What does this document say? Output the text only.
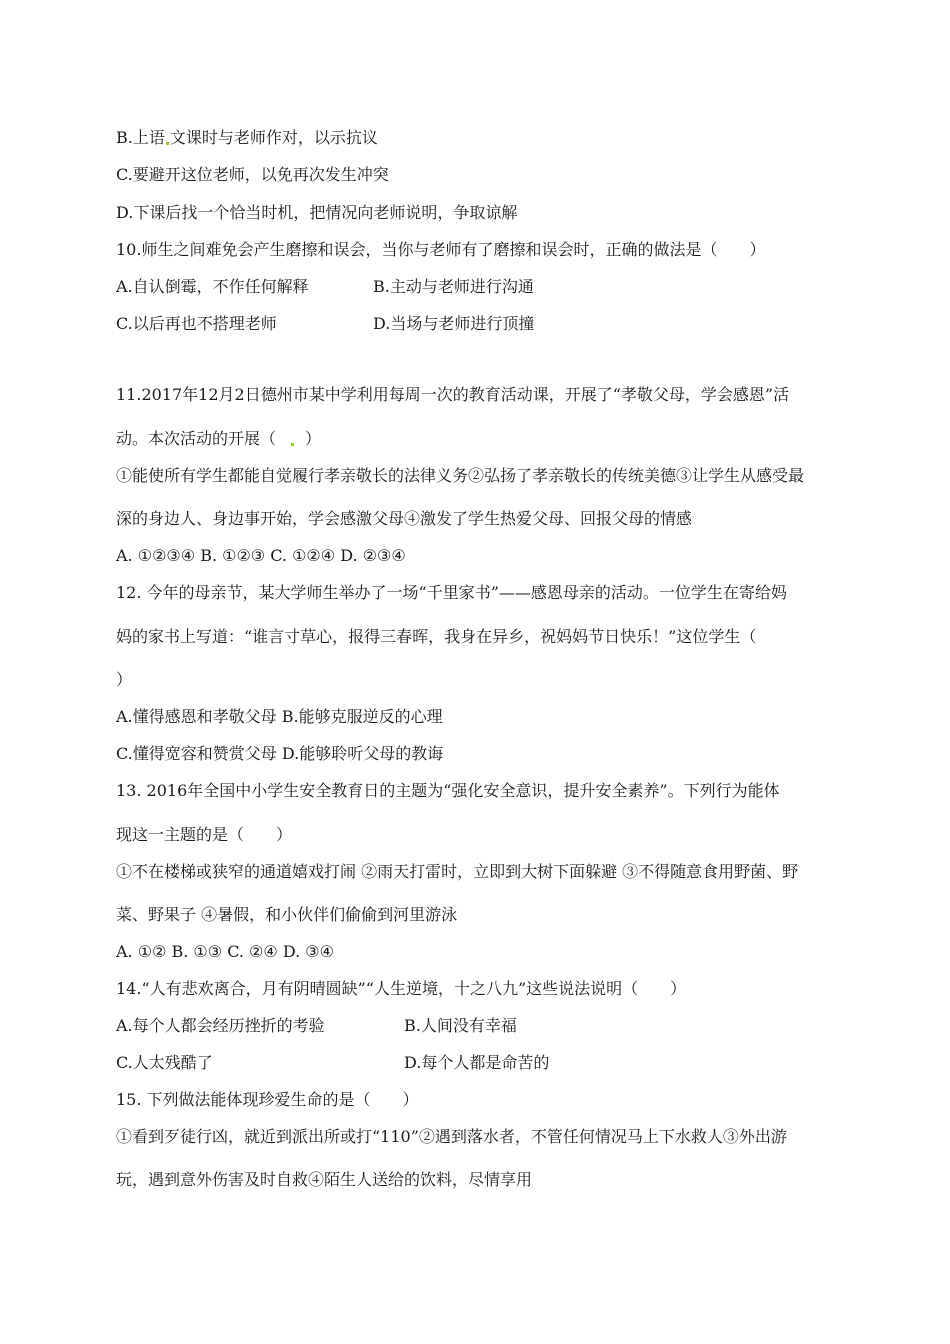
B.上语 文课时与老师作对，以示抗议
C.要避开这位老师，以免再次发生冲突
D.下课后找一个恰当时机，把情况向老师说明，争取谅解
10.师生之间难免会产生磨擦和误会，当你与老师有了磨擦和误会时，正确的做法是（　　）
A.自认倒霉，不作任何解释	B.主动与老师进行沟通
C.以后再也不搭理老师	D.当场与老师进行顶撞
11.2017年12月2日德州市某中学利用每周一次的教育活动课，开展了“孝敬父母，学会感恩”活
动。本次活动的开展（ ）
①能使所有学生都能自觉履行孝亲敬长的法律义务②弘扬了孝亲敬长的传统美德③让学生从感受最
深的身边人、身边事开始，学会感激父母④激发了学生热爱父母、回报父母的情感
A. ①②③④ B. ①②③ C. ①②④ D. ②③④
12. 今年的母亲节，某大学师生举办了一场“千里家书”——感恩母亲的活动。一位学生在寄给妈
妈的家书上写道：“谁言寸草心，报得三春晖，我身在异乡，祝妈妈节日快乐！”这位学生（
）
A.懂得感恩和孝敬父母 B.能够克服逆反的心理
C.懂得宽容和赞赏父母 D.能够聆听父母的教诲
13. 2016年全国中小学生安全教育日的主题为“强化安全意识，提升安全素养”。下列行为能体
现这一主题的是（　　）
①不在楼梯或狭窄的通道嬉戏打闹 ②雨天打雷时，立即到大树下面躲避 ③不得随意食用野菌、野
菜、野果子 ④暑假，和小伙伴们偷偷到河里游泳
A. ①② B. ①③ C. ②④ D. ③④
14.“人有悲欢离合，月有阴晴圆缺”“人生逆境，十之八九”这些说法说明（　　）
A.每个人都会经历挫折的考验	B.人间没有幸福
C.人太残酷了	D.每个人都是命苦的
15. 下列做法能体现珍爱生命的是（　　）
①看到歹徒行凶，就近到派出所或打“110”②遇到落水者，不管任何情况马上下水救人③外出游
玩，遇到意外伤害及时自救④陌生人送给的饮料，尽情享用
